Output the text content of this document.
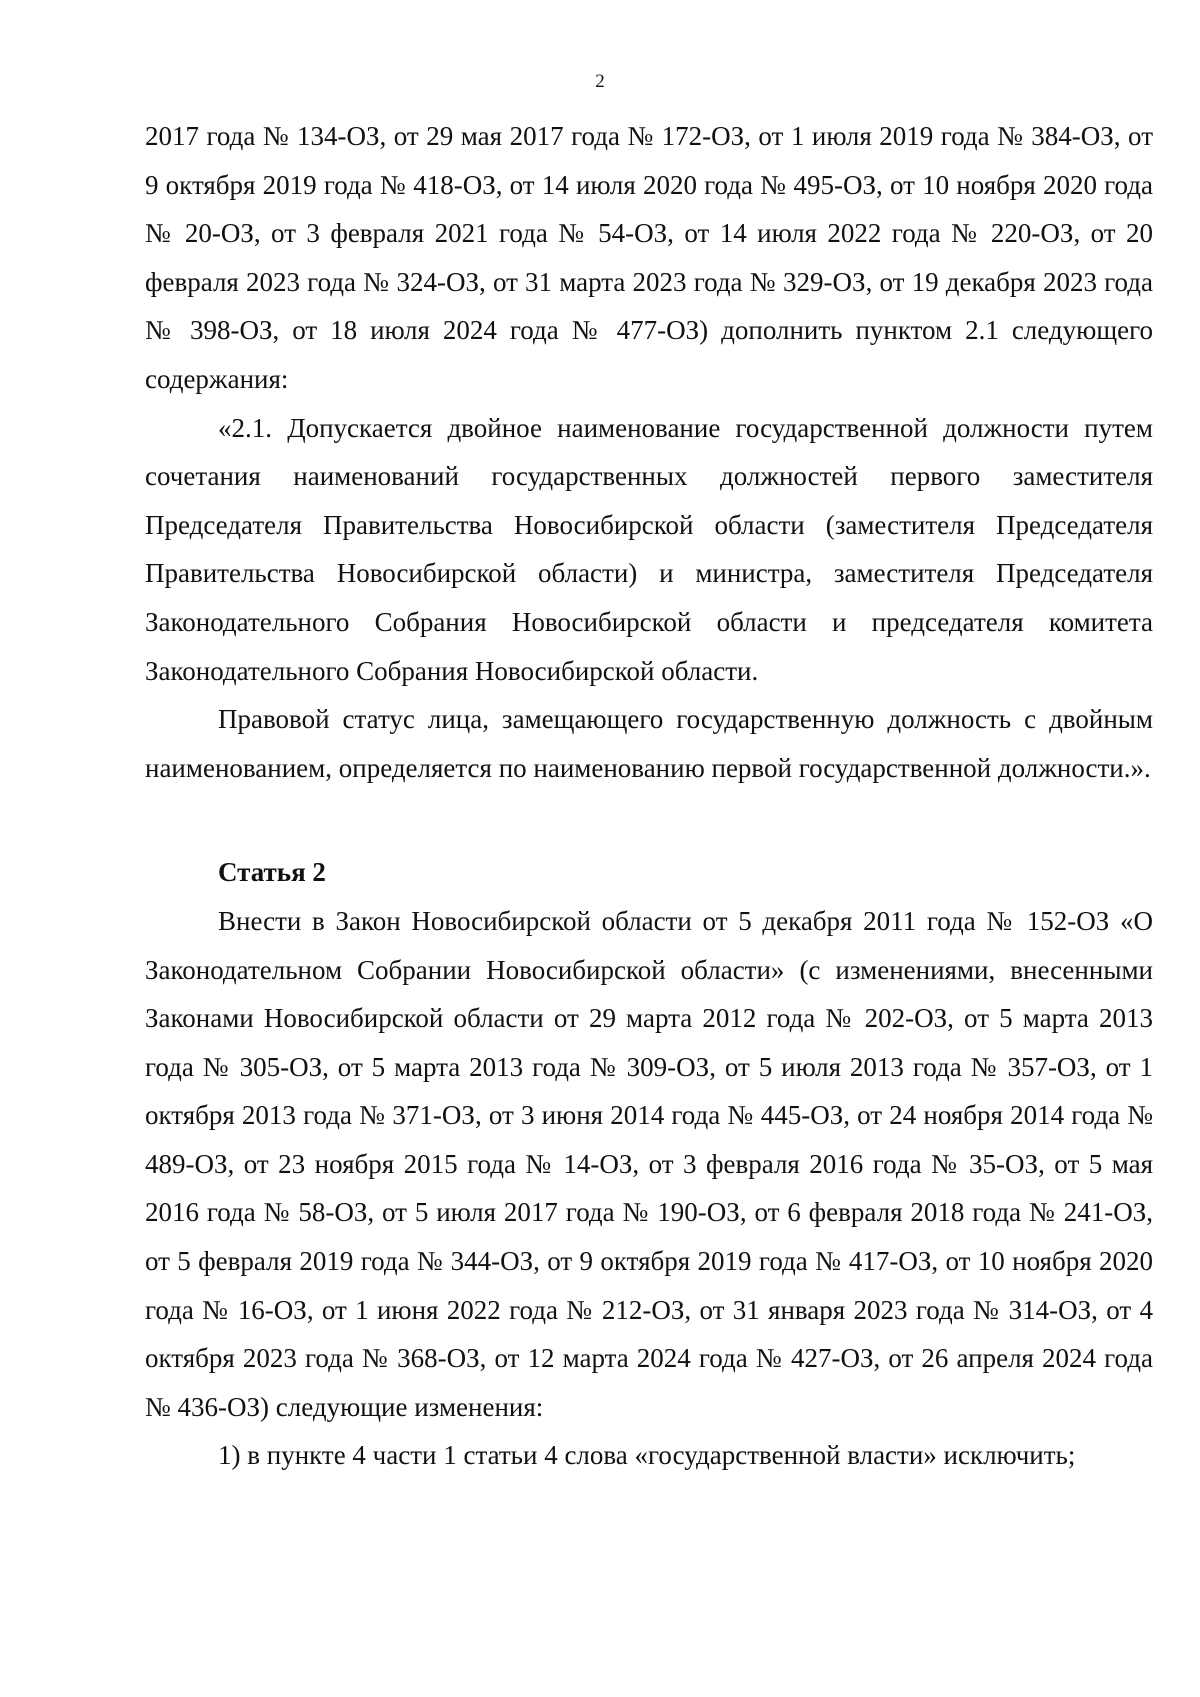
2

2017 года № 134-ОЗ, от 29 мая 2017 года № 172-ОЗ, от 1 июля 2019 года № 384-ОЗ, от 9 октября 2019 года № 418-ОЗ, от 14 июля 2020 года № 495-ОЗ, от 10 ноября 2020 года № 20-ОЗ, от 3 февраля 2021 года № 54-ОЗ, от 14 июля 2022 года № 220-ОЗ, от 20 февраля 2023 года № 324-ОЗ, от 31 марта 2023 года № 329-ОЗ, от 19 декабря 2023 года № 398-ОЗ, от 18 июля 2024 года № 477-ОЗ) дополнить пунктом 2.1 следующего содержания:

«2.1. Допускается двойное наименование государственной должности путем сочетания наименований государственных должностей первого заместителя Председателя Правительства Новосибирской области (заместителя Председателя Правительства Новосибирской области) и министра, заместителя Председателя Законодательного Собрания Новосибирской области и председателя комитета Законодательного Собрания Новосибирской области.

Правовой статус лица, замещающего государственную должность с двойным наименованием, определяется по наименованию первой государственной должности.».

Статья 2

Внести в Закон Новосибирской области от 5 декабря 2011 года № 152-ОЗ «О Законодательном Собрании Новосибирской области» (с изменениями, внесенными Законами Новосибирской области от 29 марта 2012 года № 202-ОЗ, от 5 марта 2013 года № 305-ОЗ, от 5 марта 2013 года № 309-ОЗ, от 5 июля 2013 года № 357-ОЗ, от 1 октября 2013 года № 371-ОЗ, от 3 июня 2014 года № 445-ОЗ, от 24 ноября 2014 года № 489-ОЗ, от 23 ноября 2015 года № 14-ОЗ, от 3 февраля 2016 года № 35-ОЗ, от 5 мая 2016 года № 58-ОЗ, от 5 июля 2017 года № 190-ОЗ, от 6 февраля 2018 года № 241-ОЗ, от 5 февраля 2019 года № 344-ОЗ, от 9 октября 2019 года № 417-ОЗ, от 10 ноября 2020 года № 16-ОЗ, от 1 июня 2022 года № 212-ОЗ, от 31 января 2023 года № 314-ОЗ, от 4 октября 2023 года № 368-ОЗ, от 12 марта 2024 года № 427-ОЗ, от 26 апреля 2024 года № 436-ОЗ) следующие изменения:

1) в пункте 4 части 1 статьи 4 слова «государственной власти» исключить;
